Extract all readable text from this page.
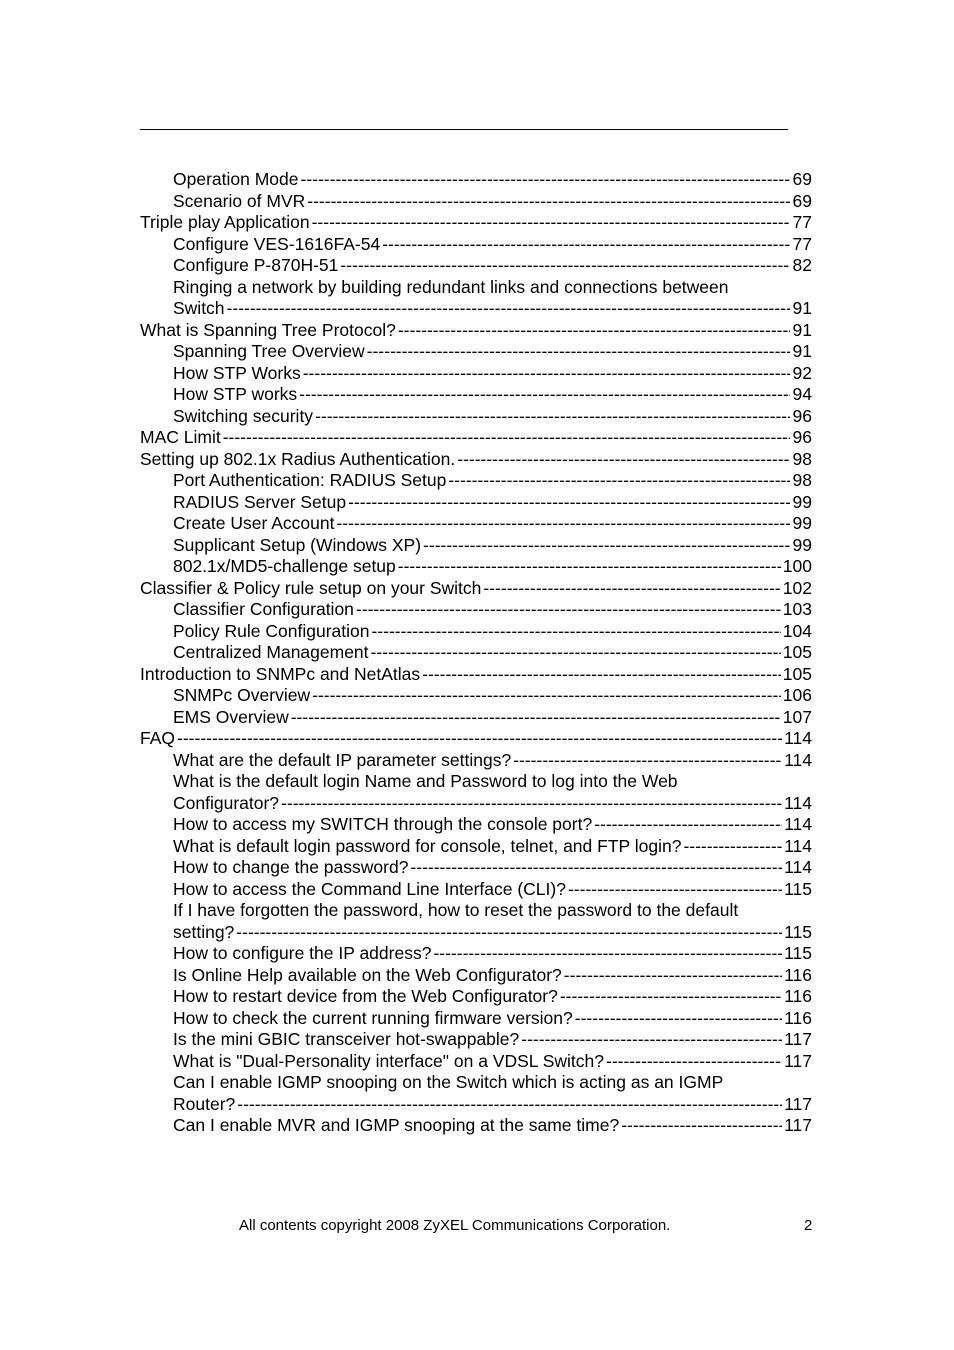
Operation Mode -----	69
Scenario of MVR -----	69
Triple play Application -----	77
Configure VES-1616FA-54 -----	77
Configure P-870H-51 -----	82
Ringing a network by building redundant links and connections between
Switch -----	91
What is Spanning Tree Protocol? -----	91
Spanning Tree Overview -----	91
How STP Works -----	92
How STP works -----	94
Switching security -----	96
MAC Limit -----	96
Setting up 802.1x Radius Authentication. -----	98
Port Authentication: RADIUS Setup -----	98
RADIUS Server Setup -----	99
Create User Account -----	99
Supplicant Setup (Windows XP) -----	99
802.1x/MD5-challenge setup -----	100
Classifier & Policy rule setup on your Switch -----	102
Classifier Configuration -----	103
Policy Rule Configuration -----	104
Centralized Management -----	105
Introduction to SNMPc and NetAtlas -----	105
SNMPc Overview -----	106
EMS Overview -----	107
FAQ -----	114
What are the default IP parameter settings? -----	114
What is the default login Name and Password to log into the Web
Configurator? -----	114
How to access my SWITCH through the console port? -----	114
What is default login password for console, telnet, and FTP login? -----	114
How to change the password? -----	114
How to access the Command Line Interface (CLI)? -----	115
If I have forgotten the password, how to reset the password to the default
setting? -----	115
How to configure the IP address? -----	115
Is Online Help available on the Web Configurator? -----	116
How to restart device from the Web Configurator? -----	116
How to check the current running firmware version? -----	116
Is the mini GBIC transceiver hot-swappable? -----	117
What is "Dual-Personality interface" on a VDSL Switch? -----	117
Can I enable IGMP snooping on the Switch which is acting as an IGMP
Router? -----	117
Can I enable MVR and IGMP snooping at the same time? -----	117
All contents copyright 2008 ZyXEL Communications Corporation.	2
